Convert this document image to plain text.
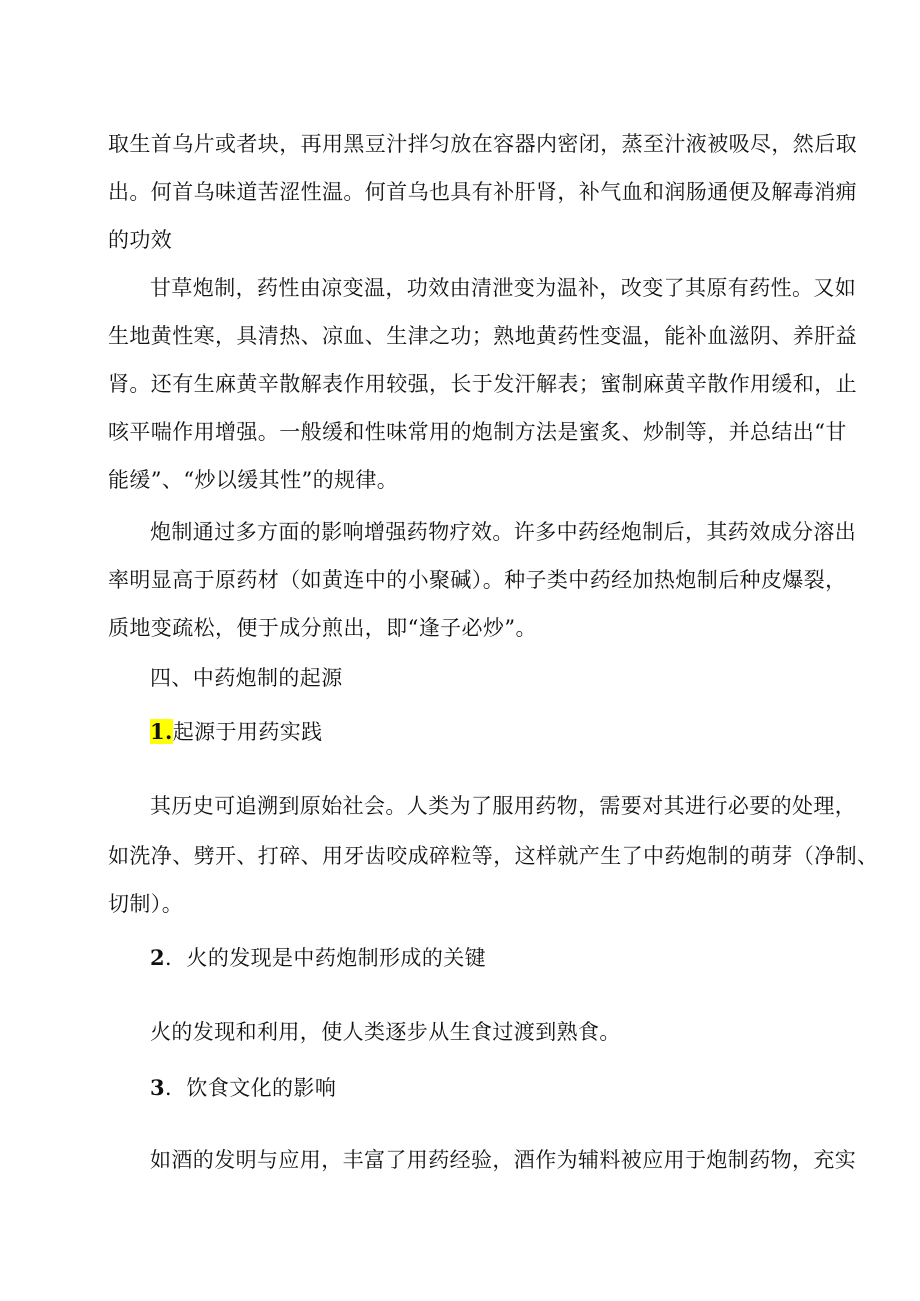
取生首乌片或者块，再用黑豆汁拌匀放在容器内密闭，蒸至汁液被吸尽，然后取
出。何首乌味道苦涩性温。何首乌也具有补肝肾，补气血和润肠通便及解毒消痈
的功效
甘草炮制，药性由凉变温，功效由清泄变为温补，改变了其原有药性。又如
生地黄性寒，具清热、凉血、生津之功；熟地黄药性变温，能补血滋阴、养肝益
肾。还有生麻黄辛散解表作用较强，长于发汗解表；蜜制麻黄辛散作用缓和，止
咳平喘作用增强。一般缓和性味常用的炮制方法是蜜炙、炒制等，并总结出“甘
能缓”、“炒以缓其性”的规律。
炮制通过多方面的影响增强药物疗效。许多中药经炮制后，其药效成分溶出
率明显高于原药材（如黄连中的小聚碱）。种子类中药经加热炮制后种皮爆裂，
质地变疏松，便于成分煎出，即“逢子必炒”。
四、中药炮制的起源
1.起源于用药实践
其历史可追溯到原始社会。人类为了服用药物，需要对其进行必要的处理，
如洗净、劈开、打碎、用牙齿咬成碎粒等，这样就产生了中药炮制的萌芽（净制、
切制）。
2．火的发现是中药炮制形成的关键
火的发现和利用，使人类逐步从生食过渡到熟食。
3．饮食文化的影响
如酒的发明与应用，丰富了用药经验，酒作为辅料被应用于炮制药物，充实
